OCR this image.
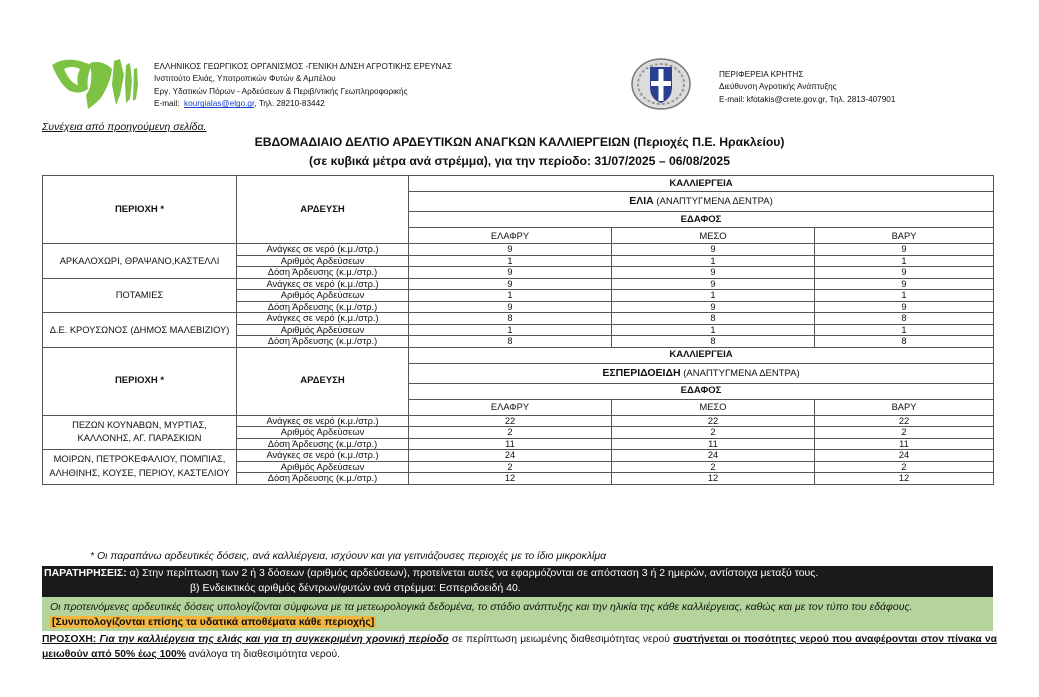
ΕΛΛΗΝΙΚΟΣ ΓΕΩΡΓΙΚΟΣ ΟΡΓΑΝΙΣΜΟΣ -ΓΕΝΙΚΗ Δ/ΝΣΗ ΑΓΡΟΤΙΚΗΣ ΕΡΕΥΝΑΣ
Ινστιτούτο Ελιάς, Υποτροπικών Φυτών & Αμπέλου
Εργ. Υδατικών Πόρων - Αρδεύσεων & Περιβ/ντικής Γεωπληροφορικής
E-mail: kourgialas@elgo.gr, Τηλ. 28210-83442
ΠΕΡΙΦΕΡΕΙΑ ΚΡΗΤΗΣ
Διεύθυνση Αγροτικής Ανάπτυξης
E-mail: kfotakis@crete.gov.gr, Τηλ. 2813-407901
Συνέχεια από προηγούμενη σελίδα.
ΕΒΔΟΜΑΔΙΑΙΟ ΔΕΛΤΙΟ ΑΡΔΕΥΤΙΚΩΝ ΑΝΑΓΚΩΝ ΚΑΛΛΙΕΡΓΕΙΩΝ (Περιοχές Π.Ε. Ηρακλείου)
(σε κυβικά μέτρα ανά στρέμμα), για την περίοδο: 31/07/2025 – 06/08/2025
ΠΕΡΙΟΧΗ *	ΑΡΔΕΥΣΗ	ΚΑΛΛΙΕΡΓΕΙΑ		
		ΕΛΙΑ (ΑΝΑΠΤΥΓΜΕΝΑ ΔΕΝΤΡΑ)		
		ΕΔΑΦΟΣ		
		ΕΛΑΦΡΥ	ΜΕΣΟ	ΒΑΡΥ
ΑΡΚΑΛΟΧΩΡΙ, ΘΡΑΨΑΝΟ,ΚΑΣΤΕΛΛΙ	Ανάγκες σε νερό (κ.μ./στρ.)	9	9	9
	Αριθμός Αρδεύσεων	1	1	1
	Δόση Άρδευσης (κ.μ./στρ.)	9	9	9
ΠΟΤΑΜΙΕΣ	Ανάγκες σε νερό (κ.μ./στρ.)	9	9	9
	Αριθμός Αρδεύσεων	1	1	1
	Δόση Άρδευσης (κ.μ./στρ.)	9	9	9
Δ.Ε. ΚΡΟΥΣΩΝΟΣ (ΔΗΜΟΣ ΜΑΛΕΒΙΖΙΟΥ)	Ανάγκες σε νερό (κ.μ./στρ.)	8	8	8
	Αριθμός Αρδεύσεων	1	1	1
	Δόση Άρδευσης (κ.μ./στρ.)	8	8	8
ΠΕΡΙΟΧΗ *	ΑΡΔΕΥΣΗ	ΚΑΛΛΙΕΡΓΕΙΑ		
		ΕΣΠΕΡΙΔΟΕΙΔΗ (ΑΝΑΠΤΥΓΜΕΝΑ ΔΕΝΤΡΑ)		
		ΕΔΑΦΟΣ		
		ΕΛΑΦΡΥ	ΜΕΣΟ	ΒΑΡΥ
ΠΕΖΩΝ ΚΟΥΝΑΒΩΝ, ΜΥΡΤΙΑΣ, ΚΑΛΛΟΝΗΣ, ΑΓ. ΠΑΡΑΣΚΙΩΝ	Ανάγκες σε νερό (κ.μ./στρ.)	22	22	22
	Αριθμός Αρδεύσεων	2	2	2
	Δόση Άρδευσης (κ.μ./στρ.)	11	11	11
ΜΟΙΡΩΝ, ΠΕΤΡΟΚΕΦΑΛΙΟΥ, ΠΟΜΠΙΑΣ, ΑΛΗΘΙΝΗΣ, ΚΟΥΣΕ, ΠΕΡΙΟΥ, ΚΑΣΤΕΛΙΟΥ	Ανάγκες σε νερό (κ.μ./στρ.)	24	24	24
	Αριθμός Αρδεύσεων	2	2	2
	Δόση Άρδευσης (κ.μ./στρ.)	12	12	12
* Οι παραπάνω αρδευτικές δόσεις, ανά καλλιέργεια, ισχύουν και για γειτνιάζουσες περιοχές με το ίδιο μικροκλίμα
ΠΑΡΑΤΗΡΗΣΕΙΣ: α) Στην περίπτωση των 2 ή 3 δόσεων (αριθμός αρδεύσεων), προτείνεται αυτές να εφαρμόζονται σε απόσταση 3 ή 2 ημερών, αντίστοιχα μεταξύ τους.
β) Ενδεικτικός αριθμός δέντρων/φυτών ανά στρέμμα: Εσπεριδοειδή 40.
Οι προτεινόμενες αρδευτικές δόσεις υπολογίζονται σύμφωνα με τα μετεωρολογικά δεδομένα, το στάδιο ανάπτυξης και την ηλικία της κάθε καλλιέργειας, καθώς και με τον τύπο του εδάφους. [Συνυπολογίζονται επίσης τα υδατικά αποθέματα κάθε περιοχής]
ΠΡΟΣΟΧΗ: Για την καλλιέργεια της ελιάς και για τη συγκεκριμένη χρονική περίοδο σε περίπτωση μειωμένης διαθεσιμότητας νερού συστήνεται οι ποσότητες νερού που αναφέρονται στον πίνακα να μειωθούν από 50% έως 100% ανάλογα τη διαθεσιμότητα νερού.
